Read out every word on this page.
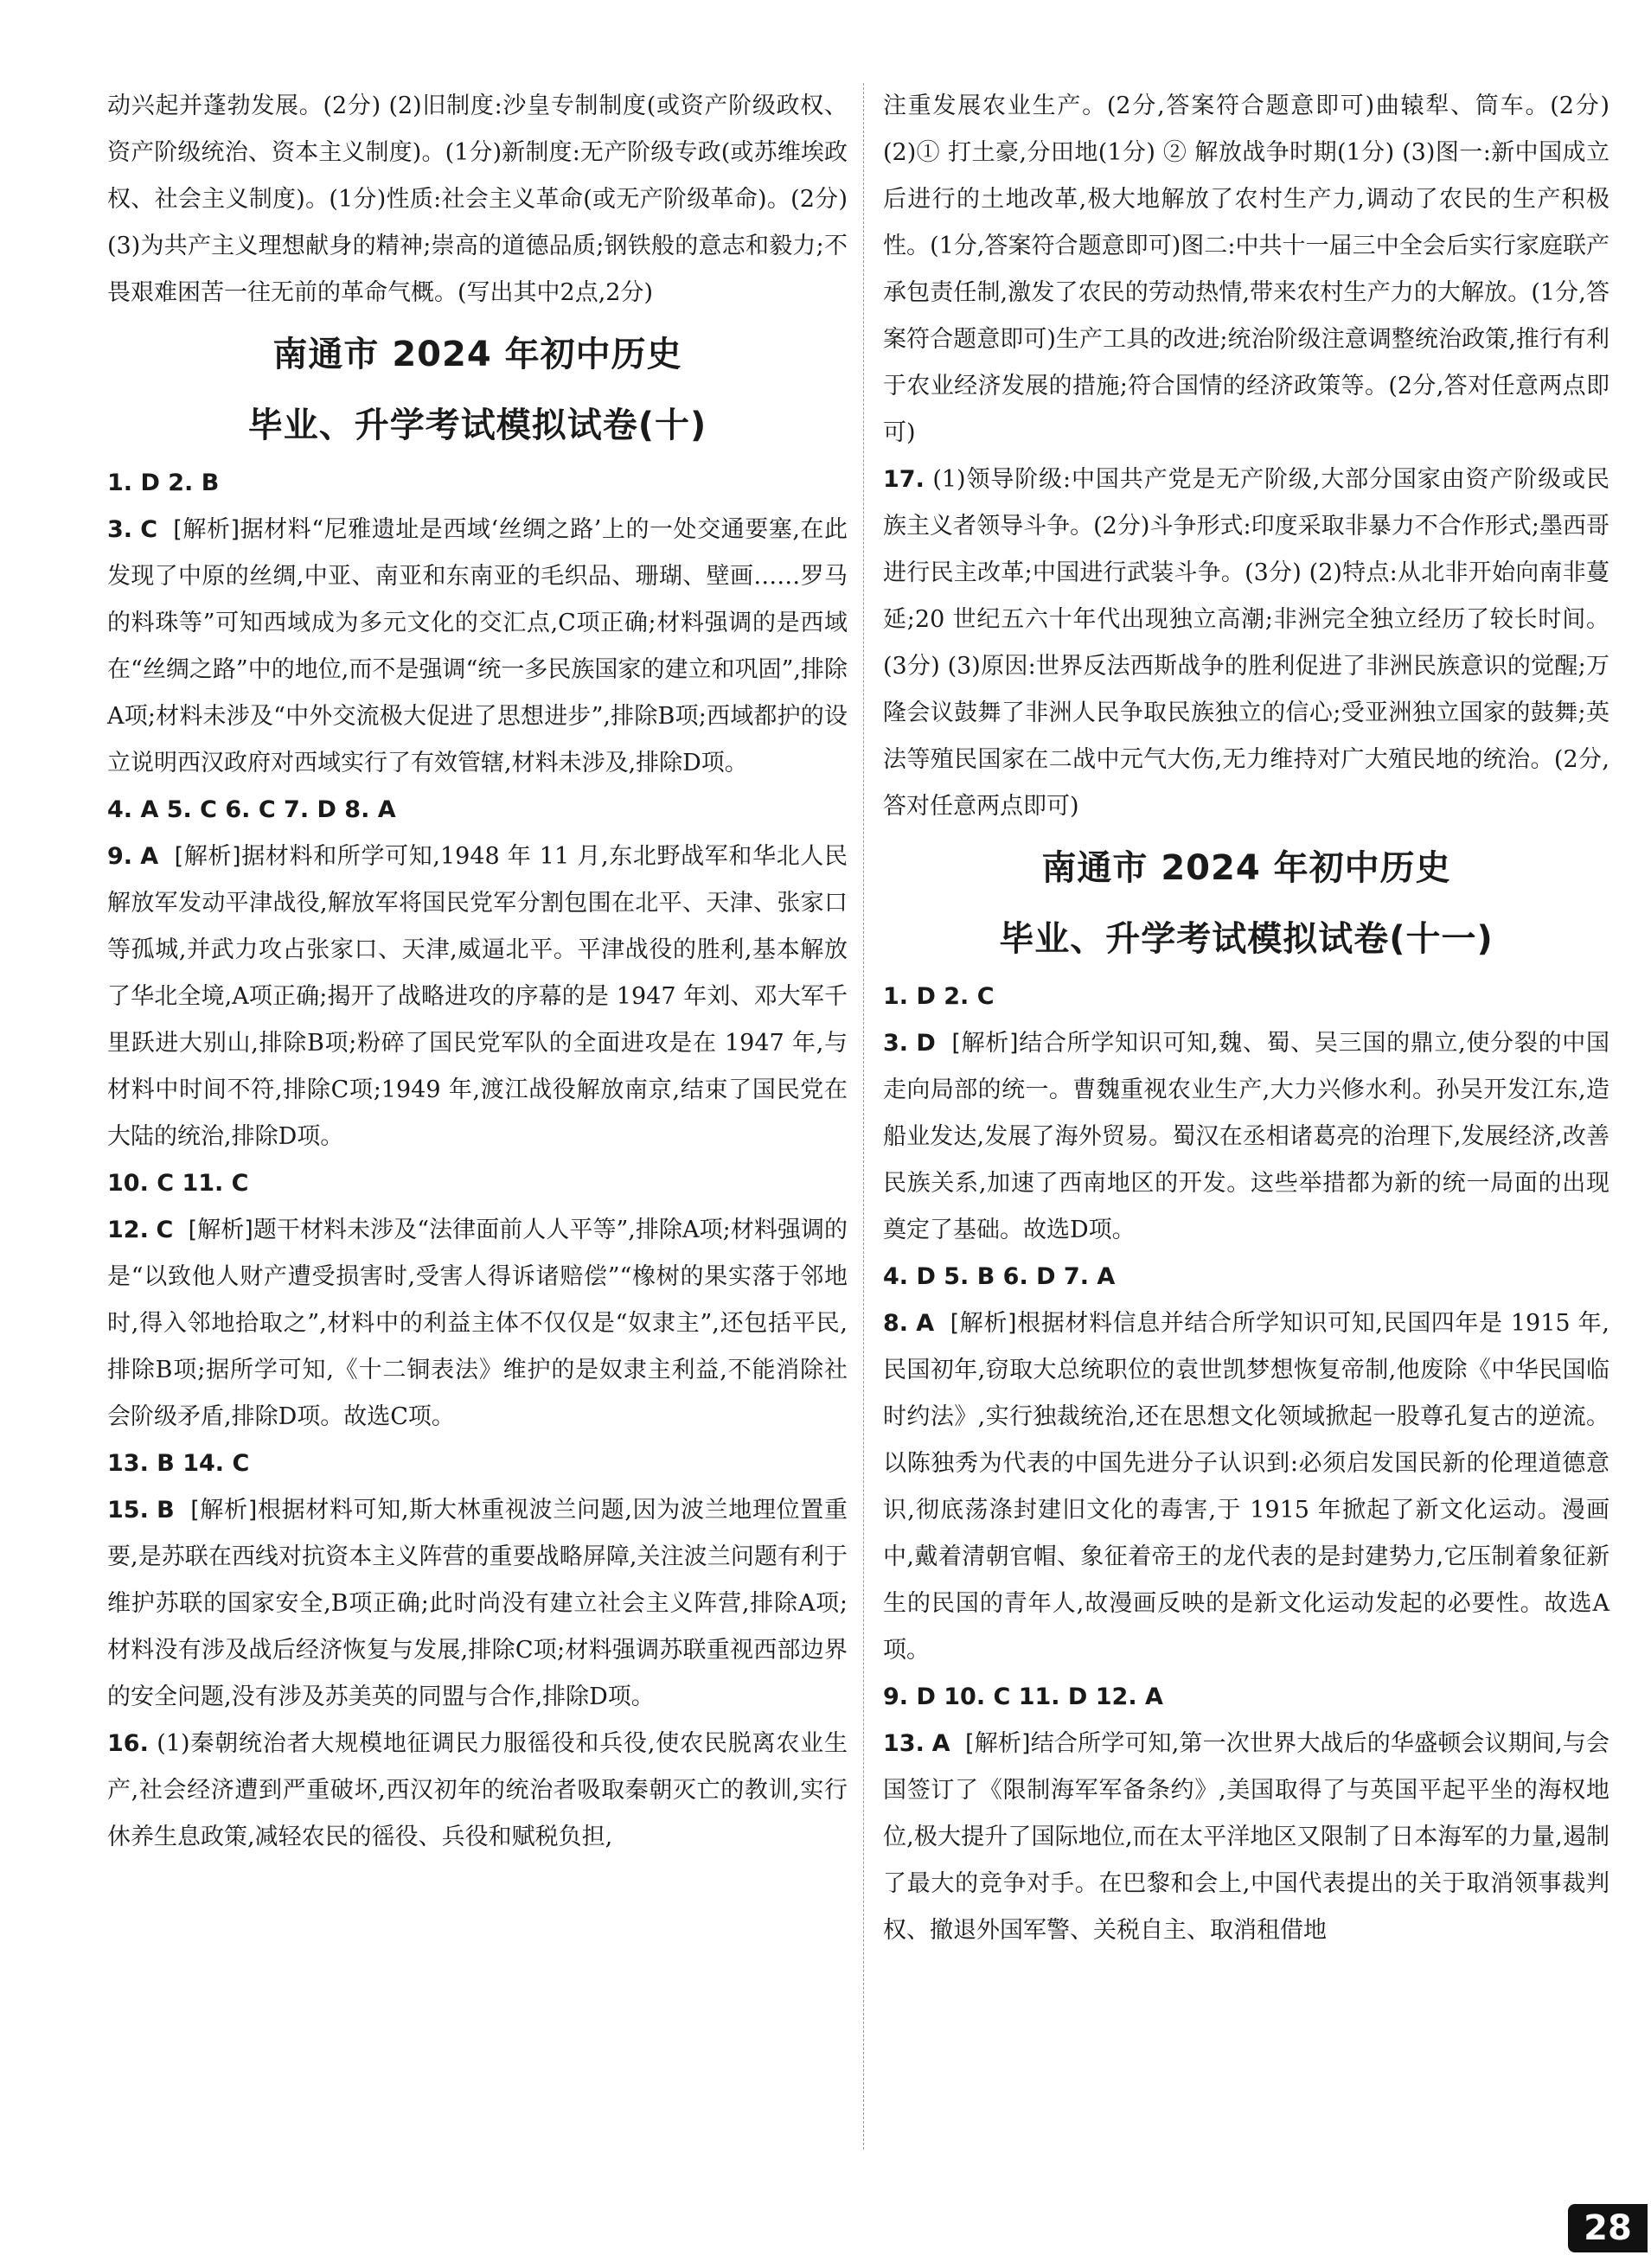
动兴起并蓬勃发展。(2分) (2)旧制度:沙皇专制制度(或资产阶级政权、资产阶级统治、资本主义制度)。(1分)新制度:无产阶级专政(或苏维埃政权、社会主义制度)。(1分)性质:社会主义革命(或无产阶级革命)。(2分) (3)为共产主义理想献身的精神;崇高的道德品质;钢铁般的意志和毅力;不畏艰难困苦一往无前的革命气概。(写出其中2点,2分)

南通市 2024 年初中历史
毕业、升学考试模拟试卷(十)

1. D 2. B

3. C [解析]据材料“尼雅遗址是西域‘丝绸之路’上的一处交通要塞,在此发现了中原的丝绸,中亚、南亚和东南亚的毛织品、珊瑚、壁画……罗马的料珠等”可知西域成为多元文化的交汇点,C项正确;材料强调的是西域在“丝绸之路”中的地位,而不是强调“统一多民族国家的建立和巩固”,排除A项;材料未涉及“中外交流极大促进了思想进步”,排除B项;西域都护的设立说明西汉政府对西域实行了有效管辖,材料未涉及,排除D项。

4. A 5. C 6. C 7. D 8. A

9. A [解析]据材料和所学可知,1948 年 11 月,东北野战军和华北人民解放军发动平津战役,解放军将国民党军分割包围在北平、天津、张家口等孤城,并武力攻占张家口、天津,威逼北平。平津战役的胜利,基本解放了华北全境,A项正确;揭开了战略进攻的序幕的是 1947 年刘、邓大军千里跃进大别山,排除B项;粉碎了国民党军队的全面进攻是在 1947 年,与材料中时间不符,排除C项;1949 年,渡江战役解放南京,结束了国民党在大陆的统治,排除D项。

10. C 11. C

12. C [解析]题干材料未涉及“法律面前人人平等”,排除A项;材料强调的是“以致他人财产遭受损害时,受害人得诉诸赔偿”“橡树的果实落于邻地时,得入邻地拾取之”,材料中的利益主体不仅仅是“奴隶主”,还包括平民,排除B项;据所学可知,《十二铜表法》维护的是奴隶主利益,不能消除社会阶级矛盾,排除D项。故选C项。

13. B 14. C

15. B [解析]根据材料可知,斯大林重视波兰问题,因为波兰地理位置重要,是苏联在西线对抗资本主义阵营的重要战略屏障,关注波兰问题有利于维护苏联的国家安全,B项正确;此时尚没有建立社会主义阵营,排除A项;材料没有涉及战后经济恢复与发展,排除C项;材料强调苏联重视西部边界的安全问题,没有涉及苏美英的同盟与合作,排除D项。

16. (1)秦朝统治者大规模地征调民力服徭役和兵役,使农民脱离农业生产,社会经济遭到严重破坏,西汉初年的统治者吸取秦朝灭亡的教训,实行休养生息政策,减轻农民的徭役、兵役和赋税负担,

注重发展农业生产。(2分,答案符合题意即可)曲辕犁、筒车。(2分) (2)① 打土豪,分田地(1分) ② 解放战争时期(1分) (3)图一:新中国成立后进行的土地改革,极大地解放了农村生产力,调动了农民的生产积极性。(1分,答案符合题意即可)图二:中共十一届三中全会后实行家庭联产承包责任制,激发了农民的劳动热情,带来农村生产力的大解放。(1分,答案符合题意即可)生产工具的改进;统治阶级注意调整统治政策,推行有利于农业经济发展的措施;符合国情的经济政策等。(2分,答对任意两点即可)

17. (1)领导阶级:中国共产党是无产阶级,大部分国家由资产阶级或民族主义者领导斗争。(2分)斗争形式:印度采取非暴力不合作形式;墨西哥进行民主改革;中国进行武装斗争。(3分) (2)特点:从北非开始向南非蔓延;20 世纪五六十年代出现独立高潮;非洲完全独立经历了较长时间。(3分) (3)原因:世界反法西斯战争的胜利促进了非洲民族意识的觉醒;万隆会议鼓舞了非洲人民争取民族独立的信心;受亚洲独立国家的鼓舞;英法等殖民国家在二战中元气大伤,无力维持对广大殖民地的统治。(2分,答对任意两点即可)

南通市 2024 年初中历史
毕业、升学考试模拟试卷(十一)

1. D 2. C

3. D [解析]结合所学知识可知,魏、蜀、吴三国的鼎立,使分裂的中国走向局部的统一。曹魏重视农业生产,大力兴修水利。孙吴开发江东,造船业发达,发展了海外贸易。蜀汉在丞相诸葛亮的治理下,发展经济,改善民族关系,加速了西南地区的开发。这些举措都为新的统一局面的出现奠定了基础。故选D项。

4. D 5. B 6. D 7. A

8. A [解析]根据材料信息并结合所学知识可知,民国四年是 1915 年,民国初年,窃取大总统职位的袁世凯梦想恢复帝制,他废除《中华民国临时约法》,实行独裁统治,还在思想文化领域掀起一股尊孔复古的逆流。以陈独秀为代表的中国先进分子认识到:必须启发国民新的伦理道德意识,彻底荡涤封建旧文化的毒害,于 1915 年掀起了新文化运动。漫画中,戴着清朝官帽、象征着帝王的龙代表的是封建势力,它压制着象征新生的民国的青年人,故漫画反映的是新文化运动发起的必要性。故选A项。

9. D 10. C 11. D 12. A

13. A [解析]结合所学可知,第一次世界大战后的华盛顿会议期间,与会国签订了《限制海军军备条约》,美国取得了与英国平起平坐的海权地位,极大提升了国际地位,而在太平洋地区又限制了日本海军的力量,遏制了最大的竞争对手。在巴黎和会上,中国代表提出的关于取消领事裁判权、撤退外国军警、关税自主、取消租借地

28
